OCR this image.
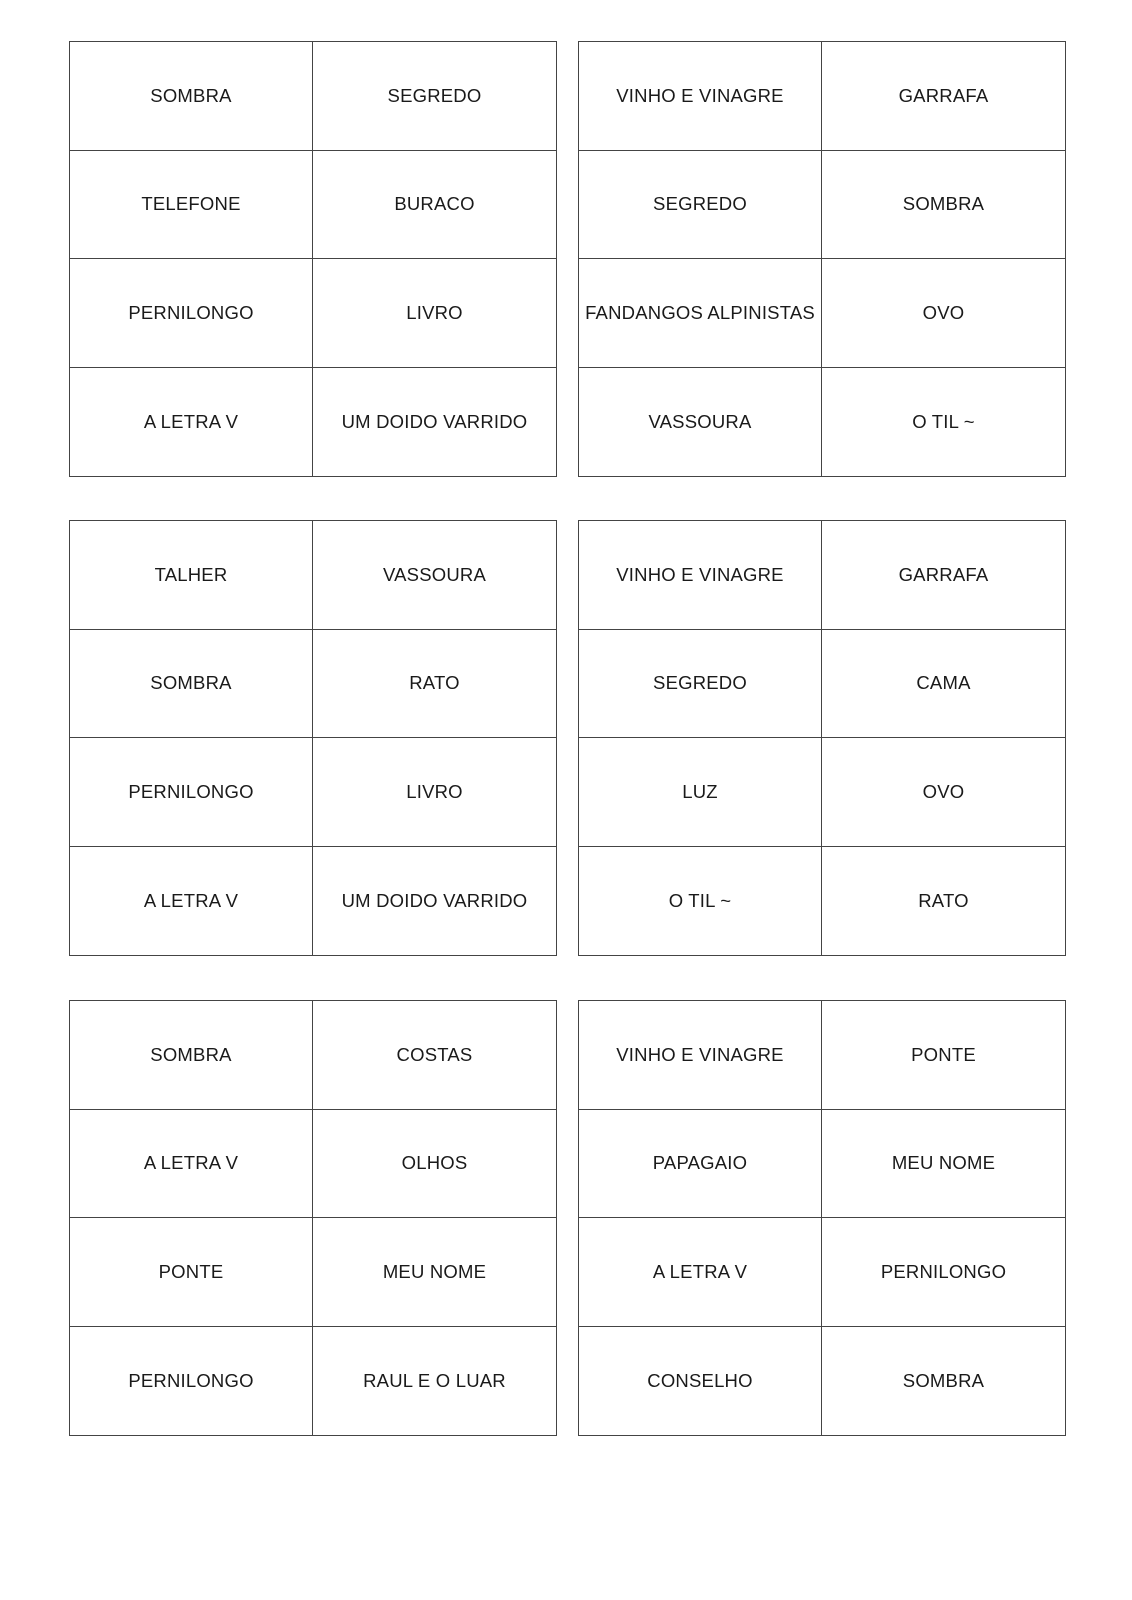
SOMBRA	SEGREDO
TELEFONE	BURACO
PERNILONGO	LIVRO
A LETRA V	UM DOIDO VARRIDO
VINHO E VINAGRE	GARRAFA
SEGREDO	SOMBRA
FANDANGOS ALPINISTAS	OVO
VASSOURA	O TIL ~
TALHER	VASSOURA
SOMBRA	RATO
PERNILONGO	LIVRO
A LETRA V	UM DOIDO VARRIDO
VINHO E VINAGRE	GARRAFA
SEGREDO	CAMA
LUZ	OVO
O TIL ~	RATO
SOMBRA	COSTAS
A LETRA V	OLHOS
PONTE	MEU NOME
PERNILONGO	RAUL E O LUAR
VINHO E VINAGRE	PONTE
PAPAGAIO	MEU NOME
A LETRA V	PERNILONGO
CONSELHO	SOMBRA
